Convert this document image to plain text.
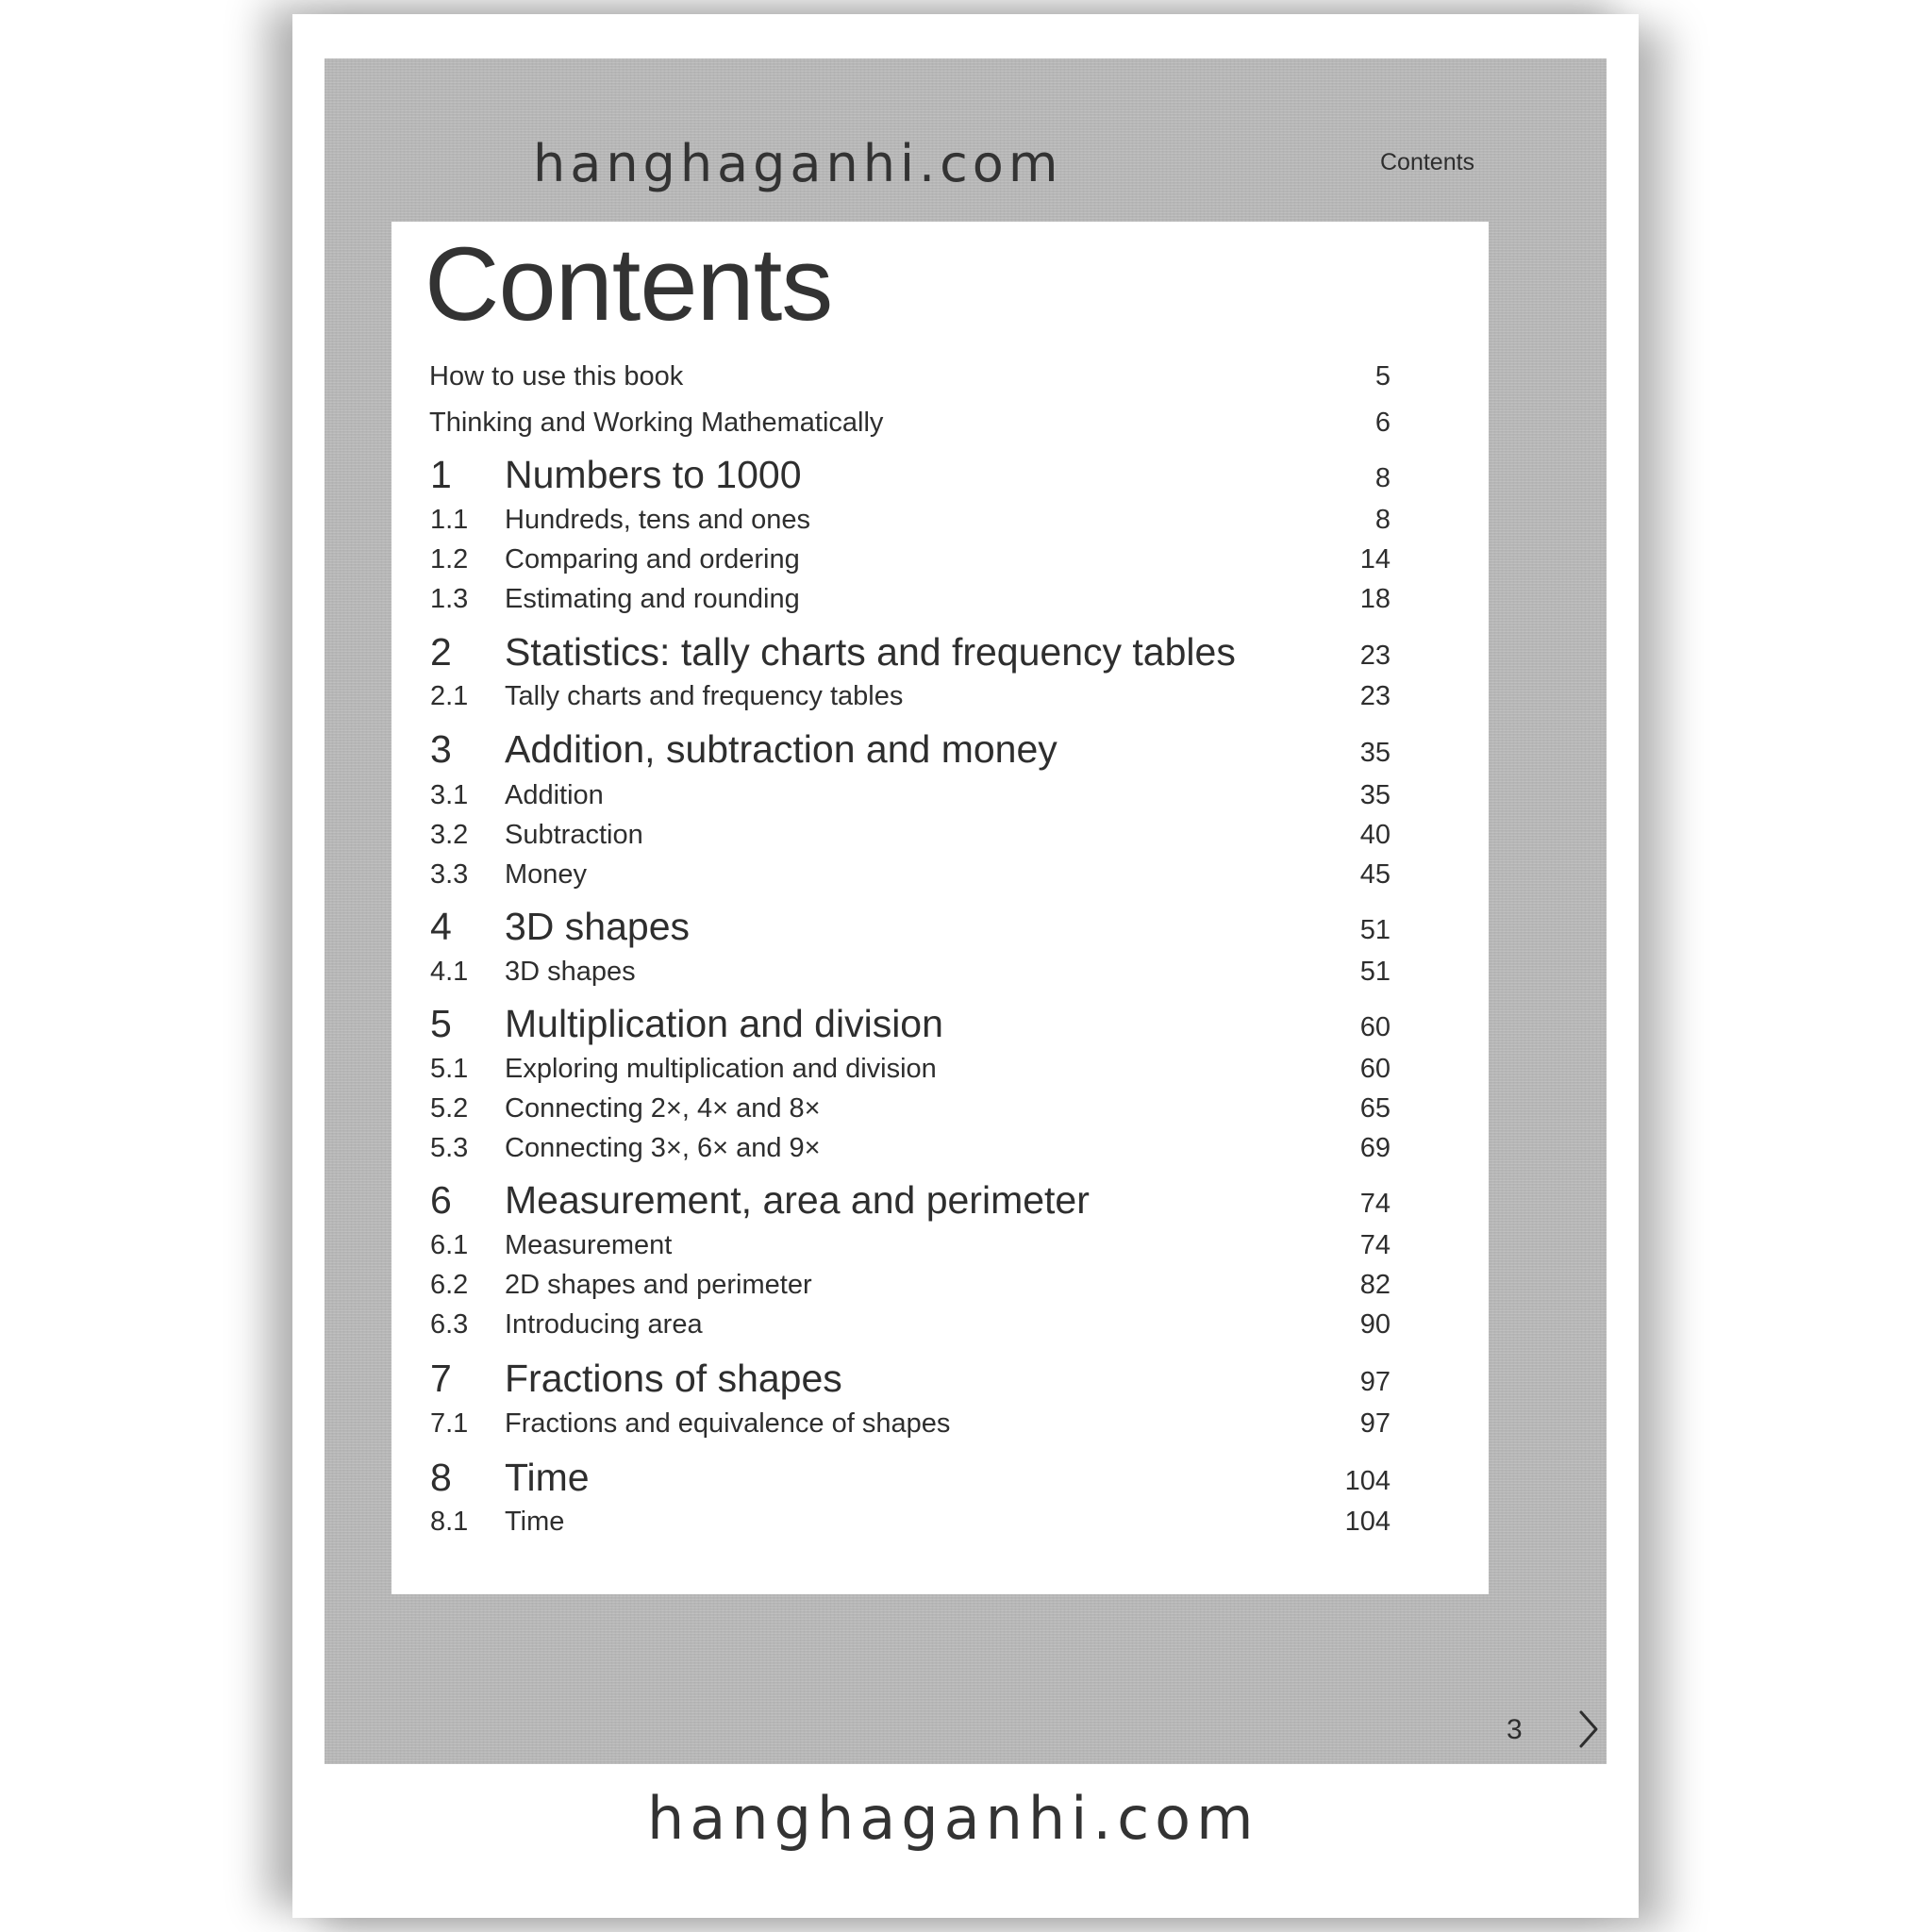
hanghaganhi.com	Contents
Contents
How to use this book	5
Thinking and Working Mathematically	6
1 Numbers to 1000	8
1.1 Hundreds, tens and ones	8
1.2 Comparing and ordering	14
1.3 Estimating and rounding	18
2 Statistics: tally charts and frequency tables	23
2.1 Tally charts and frequency tables	23
3 Addition, subtraction and money	35
3.1 Addition	35
3.2 Subtraction	40
3.3 Money	45
4 3D shapes	51
4.1 3D shapes	51
5 Multiplication and division	60
5.1 Exploring multiplication and division	60
5.2 Connecting 2×, 4× and 8×	65
5.3 Connecting 3×, 6× and 9×	69
6 Measurement, area and perimeter	74
6.1 Measurement	74
6.2 2D shapes and perimeter	82
6.3 Introducing area	90
7 Fractions of shapes	97
7.1 Fractions and equivalence of shapes	97
8 Time	104
8.1 Time	104
3
hanghaganhi.com
